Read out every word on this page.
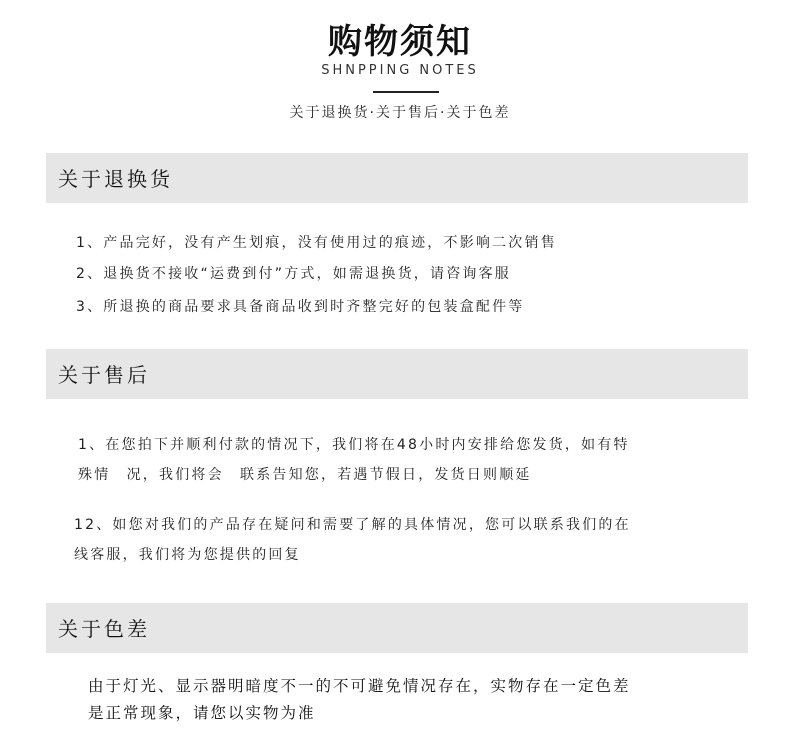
购物须知
SHNPPING NOTES
关于退换货·关于售后·关于色差
关于退换货

1、产品完好，没有产生划痕，没有使用过的痕迹，不影响二次销售

2、退换货不接收“运费到付”方式，如需退换货，请咨询客服

3、所退换的商品要求具备商品收到时齐整完好的包装盒配件等

关于售后

1、在您拍下并顺利付款的情况下，我们将在48小时内安排给您发货，如有特

殊情　况，我们将会　联系告知您，若遇节假日，发货日则顺延

12、如您对我们的产品存在疑问和需要了解的具体情况，您可以联系我们的在

线客服，我们将为您提供的回复

关于色差

由于灯光、显示器明暗度不一的不可避免情况存在，实物存在一定色差

是正常现象，请您以实物为准
